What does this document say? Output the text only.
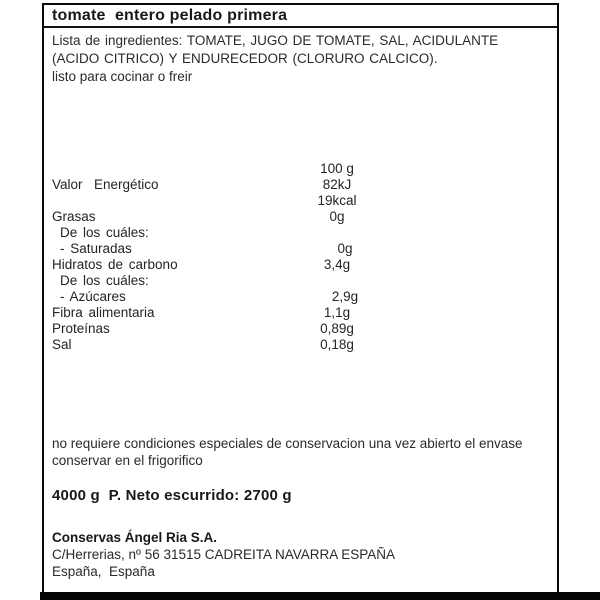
tomate  entero pelado primera
Lista de ingredientes: TOMATE, JUGO DE TOMATE, SAL, ACIDULANTE (ACIDO CITRICO) Y ENDURECEDOR (CLORURO CALCICO).
listo para cocinar o freir
100 g
Valor  Energético	82kJ
19kcal
Grasas	0g
De los cuáles:
- Saturadas	0g
Hidratos de carbono	3,4g
De los cuáles:
- Azúcares	2,9g
Fibra alimentaria	1,1g
Proteínas	0,89g
Sal	0,18g
no requiere condiciones especiales de conservacion una vez abierto el envase
conservar en el frigorifico
4000 g  P. Neto escurrido: 2700 g
Conservas Ángel Ria S.A.
C/Herrerias, nº 56 31515 CADREITA NAVARRA ESPAÑA
España,  España
